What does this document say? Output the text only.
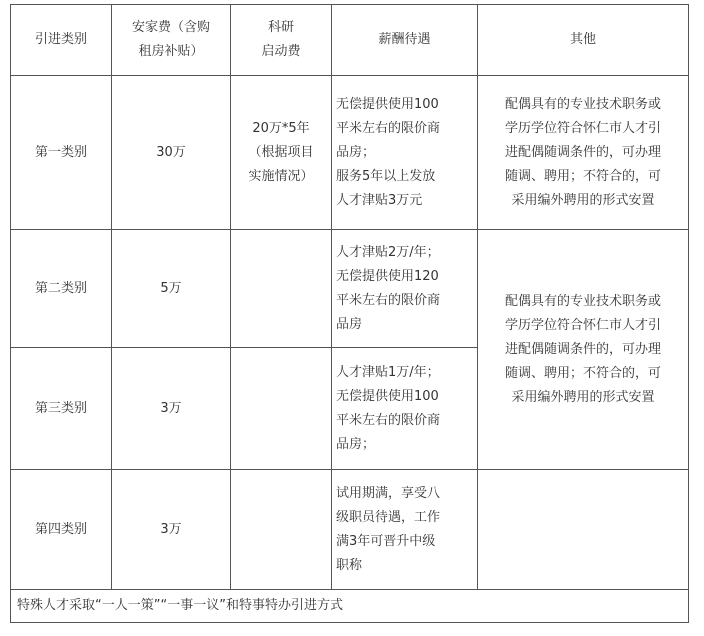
引进类别	安家费（含购
租房补贴）	科研
启动费	薪酬待遇	其他
第一类别	30万	20万*5年
（根据项目
实施情况）	无偿提供使用100
平米左右的限价商
品房；
服务5年以上发放
人才津贴3万元	配偶具有的专业技术职务或
学历学位符合怀仁市人才引
进配偶随调条件的，可办理
随调、聘用；不符合的，可
采用编外聘用的形式安置

第二类别	5万		人才津贴2万/年；
无偿提供使用120
平米左右的限价商
品房	配偶具有的专业技术职务或
学历学位符合怀仁市人才引
进配偶随调条件的，可办理
随调、聘用；不符合的，可
采用编外聘用的形式安置

第三类别	3万		人才津贴1万/年；
无偿提供使用100
平米左右的限价商
品房；	

第四类别	3万		试用期满，享受八
级职员待遇，工作
满3年可晋升中级
职称	

特殊人才采取“一人一策”“一事一议”和特事特办引进方式				
